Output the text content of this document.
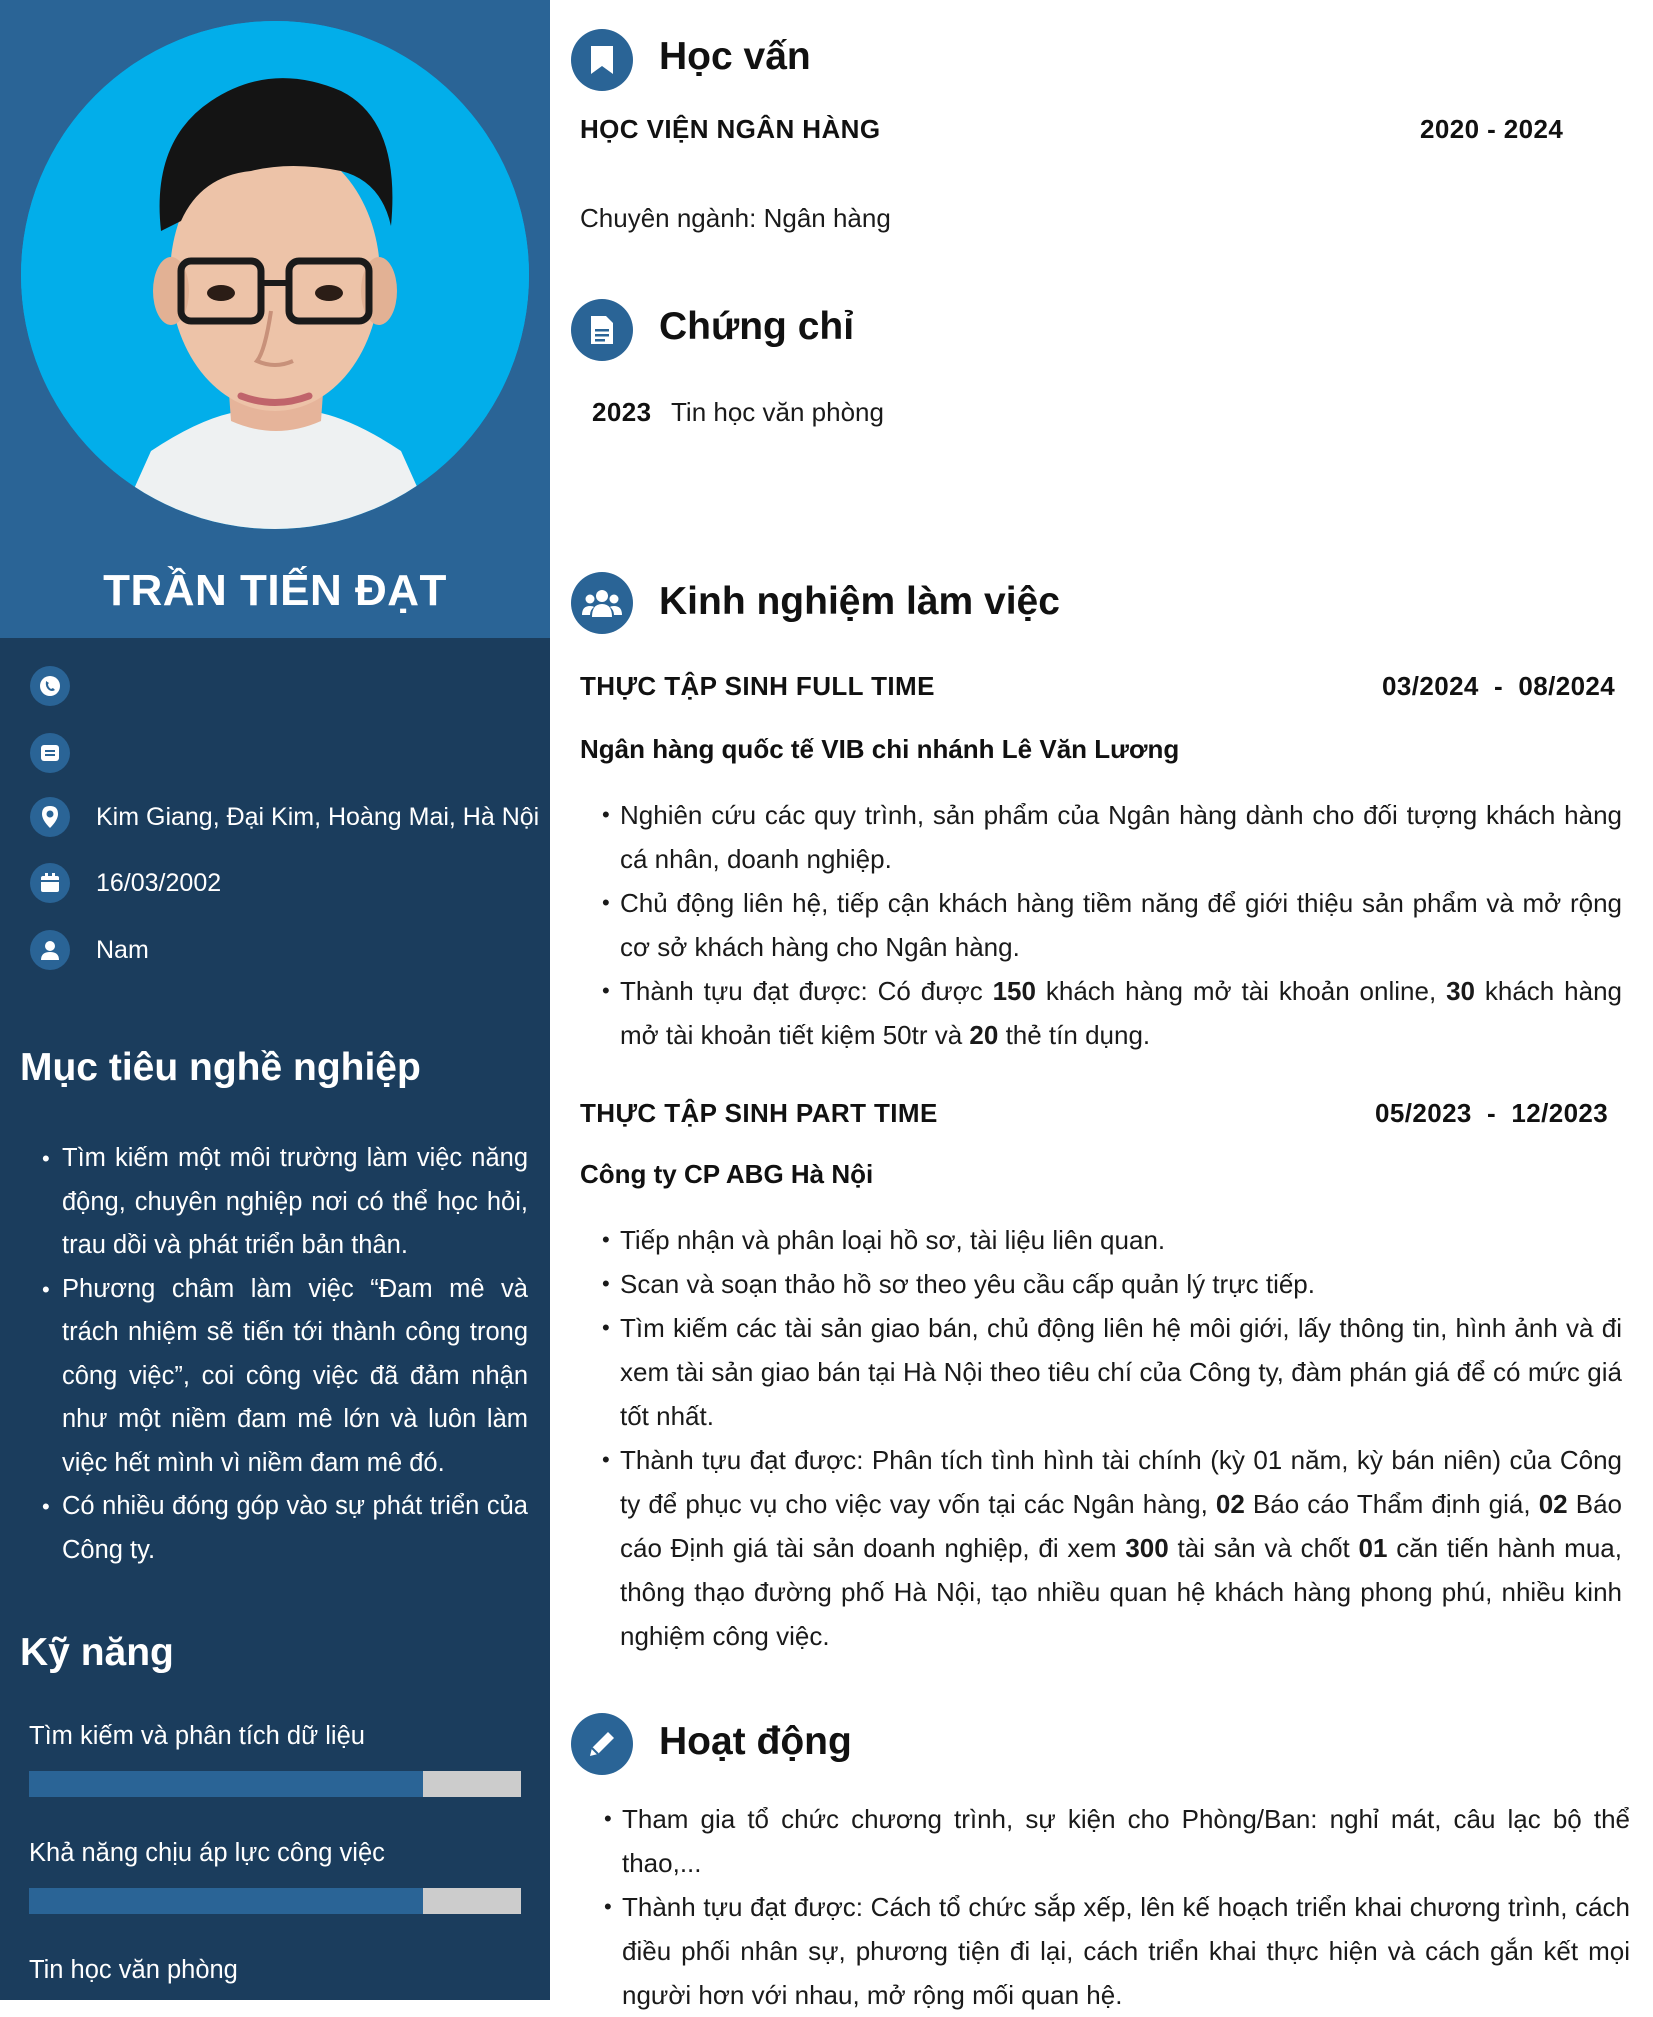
TRẦN TIẾN ĐẠT
Kim Giang, Đại Kim, Hoàng Mai, Hà Nội
16/03/2002
Nam
Mục tiêu nghề nghiệp
• Tìm kiếm một môi trường làm việc năng động, chuyên nghiệp nơi có thể học hỏi, trau dồi và phát triển bản thân.
• Phương châm làm việc “Đam mê và trách nhiệm sẽ tiến tới thành công trong công việc”, coi công việc đã đảm nhận như một niềm đam mê lớn và luôn làm việc hết mình vì niềm đam mê đó.
• Có nhiều đóng góp vào sự phát triển của Công ty.
Kỹ năng
Tìm kiếm và phân tích dữ liệu
Khả năng chịu áp lực công việc
Tin học văn phòng
Học vấn
HỌC VIỆN NGÂN HÀNG	2020 - 2024
Chuyên ngành: Ngân hàng
Chứng chỉ
2023 Tin học văn phòng
Kinh nghiệm làm việc
THỰC TẬP SINH FULL TIME	03/2024 - 08/2024
Ngân hàng quốc tế VIB chi nhánh Lê Văn Lương
• Nghiên cứu các quy trình, sản phẩm của Ngân hàng dành cho đối tượng khách hàng cá nhân, doanh nghiệp.
• Chủ động liên hệ, tiếp cận khách hàng tiềm năng để giới thiệu sản phẩm và mở rộng cơ sở khách hàng cho Ngân hàng.
• Thành tựu đạt được: Có được 150 khách hàng mở tài khoản online, 30 khách hàng mở tài khoản tiết kiệm 50tr và 20 thẻ tín dụng.
THỰC TẬP SINH PART TIME	05/2023 - 12/2023
Công ty CP ABG Hà Nội
• Tiếp nhận và phân loại hồ sơ, tài liệu liên quan.
• Scan và soạn thảo hồ sơ theo yêu cầu cấp quản lý trực tiếp.
• Tìm kiếm các tài sản giao bán, chủ động liên hệ môi giới, lấy thông tin, hình ảnh và đi xem tài sản giao bán tại Hà Nội theo tiêu chí của Công ty, đàm phán giá để có mức giá tốt nhất.
• Thành tựu đạt được: Phân tích tình hình tài chính (kỳ 01 năm, kỳ bán niên) của Công ty để phục vụ cho việc vay vốn tại các Ngân hàng, 02 Báo cáo Thẩm định giá, 02 Báo cáo Định giá tài sản doanh nghiệp, đi xem 300 tài sản và chốt 01 căn tiến hành mua, thông thạo đường phố Hà Nội, tạo nhiều quan hệ khách hàng phong phú, nhiều kinh nghiệm công việc.
Hoạt động
• Tham gia tổ chức chương trình, sự kiện cho Phòng/Ban: nghỉ mát, câu lạc bộ thể thao,...
• Thành tựu đạt được: Cách tổ chức sắp xếp, lên kế hoạch triển khai chương trình, cách điều phối nhân sự, phương tiện đi lại, cách triển khai thực hiện và cách gắn kết mọi người hơn với nhau, mở rộng mối quan hệ.
